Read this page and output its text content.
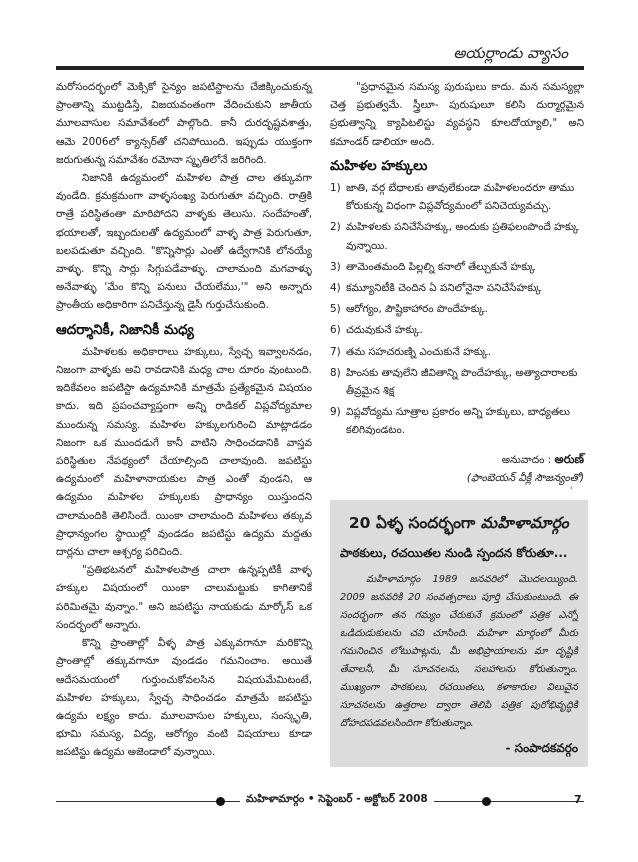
అయర్లాండు వ్యాసం

మరోసందర్భంలో మెక్సికో సైన్యం జపటిస్టాలను చేజిక్కించుకున్న ప్రాంతాన్ని ముట్టడిస్తే, విజయవంతంగా వేదించుకుని జాతీయ మూలవాసుల సమావేశంలో పాల్గొంది. కానీ దురదృష్టవశాత్తు, ఆమె 2006లో క్యాన్సర్‌తో చనిపోయింది. ఇప్పుడు యుక్తంగా జరుగుతున్న సమావేశం రమోనా స్మృతిలోనే జరిగింది.

నిజానికి ఉద్యమంలో మహిళల పాత్ర చాల తక్కువగా వుండేది. క్రమక్రమంగా వాళ్ళసంఖ్య పెరుగుతూ వచ్చింది. రాత్రికి రాత్రే పరిస్థితంతా మారిపోదని వాళ్ళకు తెలుసు. సందేహంతో, భయాలతో, ఇబ్బందులతో ఉద్యమంలో వాళ్ళ పాత్ర పెరుగుతూ, బలపడుతూ వచ్చింది. "కొన్నిసార్లు ఎంతో ఉద్వేగానికి లోనయ్యే వాళ్ళు. కొన్ని సార్లు సిగ్గుపడేవాళ్ళు. చాలామంది మగవాళ్ళు అనేవాళ్ళు 'మేం కొన్ని పనులు చేయలేము,'" అని అన్నారు ప్రాంతీయ అధికారిగా పనిచేస్తున్న డైసీ గుర్తుచేసుకుంది.

ఆదర్శానికీ, నిజానికీ మధ్య

మహిళలకు అధికారాలు హక్కులు, స్వేచ్ఛ ఇవ్వాలనడం, నిజంగా వాళ్ళకు అవి రావడానికి మధ్య చాల దూరం వుంటుంది. ఇదికేవలం జపటిస్టా ఉద్యమానికి మాత్రమే ప్రత్యేకమైన విషయం కాదు. ఇది ప్రపంచవ్యాప్తంగా అన్ని రాడికల్ విప్లవోద్యమాల ముందున్న సమస్య. మహిళల హక్కులగురించి మాట్లాడడం నిజంగా ఒక ముందడుగే కానీ వాటిని సాధించడానికి వాస్తవ పరిస్థితుల నేపథ్యంలో చేయాల్సింది చాలావుంది. జపటిస్టు ఉద్యమంలో మహిళానాయకుల పాత్ర ఎంతో వుండని, ఆ ఉద్యమం మహిళల హక్కులకు ప్రాధాన్యం యిస్తుందని చాలామందికి తెలిసిందే. యింకా చాలామంది మహిళలు తక్కువ ప్రాధాన్యంగల స్థాయిల్లో వుండడం జపటిస్టు ఉద్యమ మద్దతు దార్లను చాలా ఆశ్చర్య పరిచింది.

"ప్రతిభటనలో మహిళలపాత్ర చాలా ఉన్నప్పటికీ వాళ్ళ హక్కుల విషయంలో యింకా చాలుమట్టుకు కాగితానికే పరిమితమై వున్నాం." అని జపటిస్టు నాయకుడు మార్కోస్ ఒక సందర్భంలో అన్నారు.

కొన్ని ప్రాంతాల్లో వీళ్ళ పాత్ర ఎక్కువగానూ మరికొన్ని ప్రాంతాల్లో తక్కువగానూ వుండడం గమనించాం. అయితే ఆదేసమయంలో గుర్తుంచుకోవలసిన విషయమేమిటంటే, మహిళల హక్కులు, స్వేచ్ఛ సాధించడం మాత్రమే జపటిస్టు ఉద్యమ లక్ష్యం కాదు. మూలవాసుల హక్కులు, సంస్కృతి, భూమి సమస్య, విద్య, ఆరోగ్యం వంటి విషయాలు కూడా జపటిస్టు ఉద్యమ అజెండాలో వున్నాయి.

"ప్రధానమైన సమస్య పురుషులు కాదు. మన సమస్యల్లా చెత్త ప్రభుత్వమే. స్త్రీలూ- పురుషులూ కలిసి దుర్మార్గమైన ప్రభుత్వాన్ని క్యాపిటలిస్టు వ్యవస్థని కూలదోయ్యాలి," అని కమాండర్ డాలియా అంది.

మహిళల హక్కులు
1) జాతి, వర్గ బేధాలకు తావులేకుండా మహిళలందరూ తాము కోరుకున్న విధంగా విప్లవోద్యమంలో పనిచెయ్యవచ్చు.
2) మహిళలకు పనిచేసేహక్కు, అందుకు ప్రతిఫలంపొందే హక్కు వున్నాయి.
3) తామెంతమంది పిల్లల్ని కనాలో తేల్చుకునే హక్కు
4) కమ్యూనిటీకి చెందిన ఏ పనిలోనైనా పనిచేసేహక్కు
5) ఆరోగ్యం, పౌష్టికాహారం పొందేహక్కు.
6) చదువుకునే హక్కు.
7) తమ సహచరుణ్ని ఎంచుకునే హక్కు.
8) హింసకు తావులేని జీవితాన్ని పొందేహక్కు, అత్యాచారాలకు తీవ్రమైన శిక్ష
9) విప్లవోద్యమ సూత్రాల ప్రకారం అన్ని హక్కులు, బాధ్యతలు కలిగివుండటం.
అనువాదం : అరుణ్
(ఫాంబెయన్ వీక్లీ సౌజన్యంతో)
'
20 ఏళ్ళ సందర్భంగా మహిళామార్గం
పాఠకులు, రచయితల నుండి స్పందన కోరుతూ...

మహిళామార్గం 1989 జనవరిలో మొదలయ్యింది. 2009 జనవరికి 20 సంవత్సరాలు పూర్తి చేసుకుంటుంది. ఈ సందర్భంగా తన గమ్యం చేరుకునే క్రమంలో పత్రిక ఎన్నో ఒడిదుడుకులను చవి చూసింది. మహిళా మార్గంలో మీరు గమనించిన లోటుపాట్లను, మీ అభిప్రాయాలను మా దృష్టికి తేవాలనీ, మీ సూచనలను, సలహాలను కోరుతున్నాం. ముఖ్యంగా పాఠకులు, రచయితలు, కళాకారుల విలువైన సూచనలను ఉత్తరాల ద్వారా తెలిపి పత్రిక పురోభివృద్ధికి దోహదపడవలసిందిగా కోరుతున్నాం.

- సంపాదకవర్గం
మహిళామార్గం • సెప్టెంబర్ - అక్టోబర్ 2008	7
